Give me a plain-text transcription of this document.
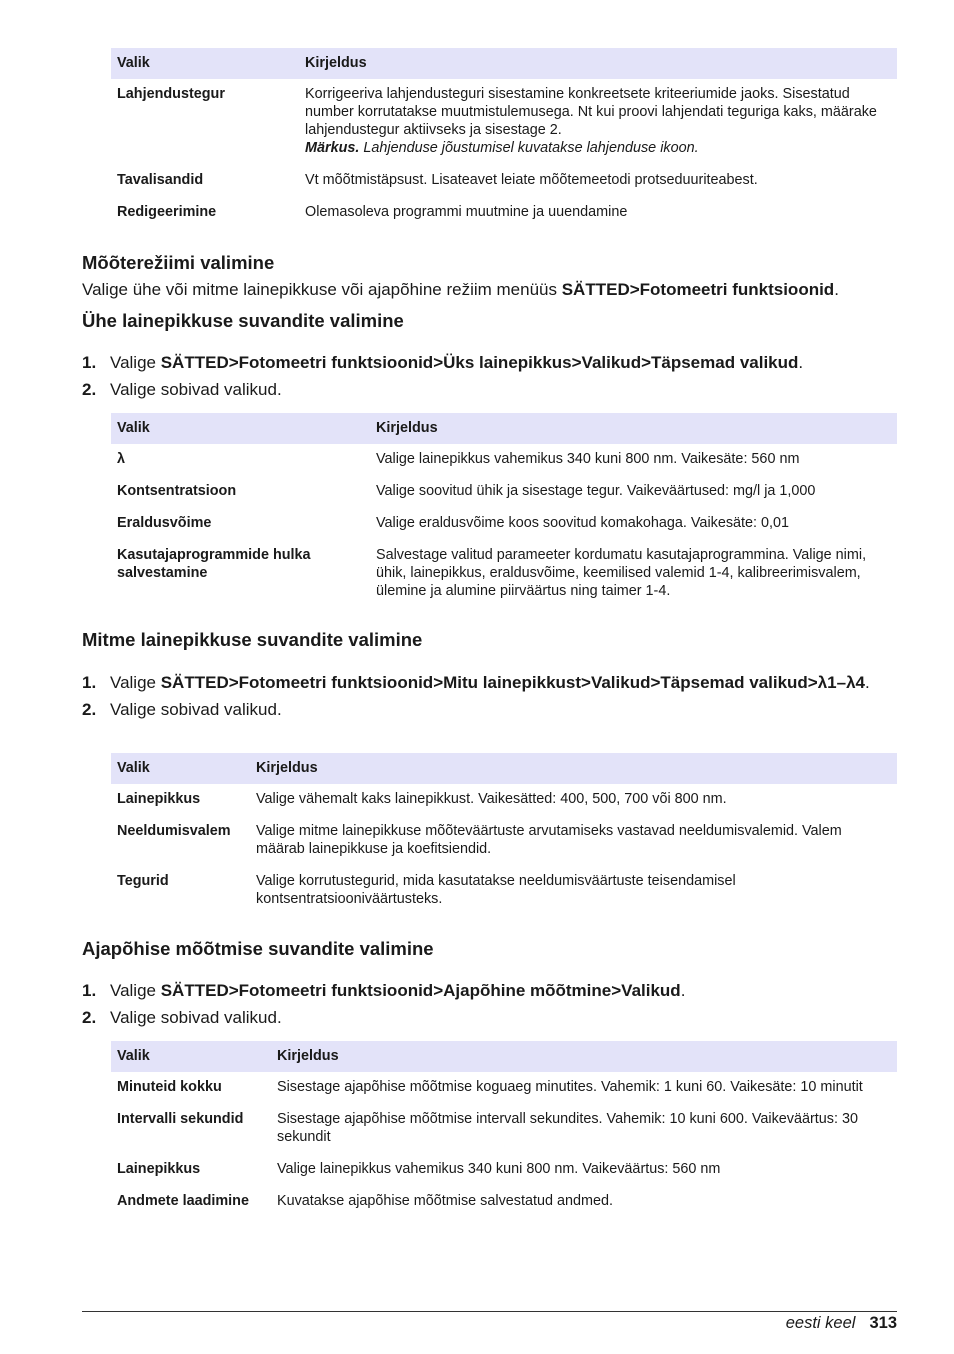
Valik	Kirjeldus
Lahjendustegur	Korrigeeriva lahjendusteguri sisestamine konkreetsete kriteeriumide jaoks. Sisestatud number korrutatakse muutmistulemusega. Nt kui proovi lahjendati teguriga kaks, määrake lahjendustegur aktiivseks ja sisestage 2.
Märkus. Lahjenduse jõustumisel kuvatakse lahjenduse ikoon.
Tavalisandid	Vt mõõtmistäpsust. Lisateavet leiate mõõtemeetodi protseduuriteabest.
Redigeerimine	Olemasoleva programmi muutmine ja uuendamine
Mõõterežiimi valimine

Valige ühe või mitme lainepikkuse või ajapõhine režiim menüüs SÄTTED>Fotomeetri funktsioonid.

Ühe lainepikkuse suvandite valimine
1. Valige SÄTTED>Fotomeetri funktsioonid>Üks lainepikkus>Valikud>Täpsemad valikud.
2. Valige sobivad valikud.
Valik	Kirjeldus
λ	Valige lainepikkus vahemikus 340 kuni 800 nm. Vaikesäte: 560 nm
Kontsentratsioon	Valige soovitud ühik ja sisestage tegur. Vaikeväärtused: mg/l ja 1,000
Eraldusvõime	Valige eraldusvõime koos soovitud komakohaga. Vaikesäte: 0,01
Kasutajaprogrammide hulka salvestamine	Salvestage valitud parameeter kordumatu kasutajaprogrammina. Valige nimi, ühik, lainepikkus, eraldusvõime, keemilised valemid 1-4, kalibreerimisvalem, ülemine ja alumine piirväärtus ning taimer 1-4.
Mitme lainepikkuse suvandite valimine
1. Valige SÄTTED>Fotomeetri funktsioonid>Mitu lainepikkust>Valikud>Täpsemad valikud>λ1–λ4.
2. Valige sobivad valikud.
Valik	Kirjeldus
Lainepikkus	Valige vähemalt kaks lainepikkust. Vaikesätted: 400, 500, 700 või 800 nm.
Neeldumisvalem	Valige mitme lainepikkuse mõõteväärtuste arvutamiseks vastavad neeldumisvalemid. Valem määrab lainepikkuse ja koefitsiendid.
Tegurid	Valige korrutustegurid, mida kasutatakse neeldumisväärtuste teisendamisel kontsentratsiooniväärtusteks.
Ajapõhise mõõtmise suvandite valimine
1. Valige SÄTTED>Fotomeetri funktsioonid>Ajapõhine mõõtmine>Valikud.
2. Valige sobivad valikud.
Valik	Kirjeldus
Minuteid kokku	Sisestage ajapõhise mõõtmise koguaeg minutites. Vahemik: 1 kuni 60. Vaikesäte: 10 minutit
Intervalli sekundid	Sisestage ajapõhise mõõtmise intervall sekundites. Vahemik: 10 kuni 600. Vaikeväärtus: 30 sekundit
Lainepikkus	Valige lainepikkus vahemikus 340 kuni 800 nm. Vaikeväärtus: 560 nm
Andmete laadimine	Kuvatakse ajapõhise mõõtmise salvestatud andmed.
eesti keel 313
